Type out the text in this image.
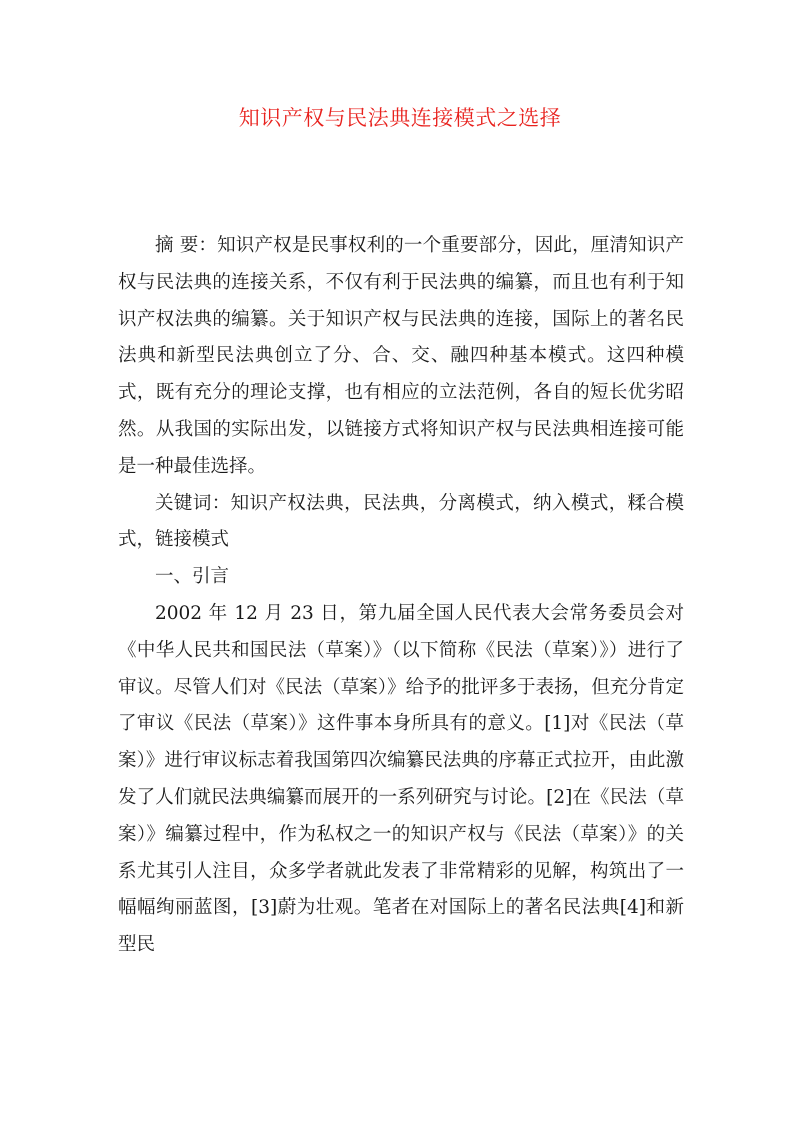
知识产权与民法典连接模式之选择

摘 要：知识产权是民事权利的一个重要部分，因此，厘清知识产权与民法典的连接关系，不仅有利于民法典的编纂，而且也有利于知识产权法典的编纂。关于知识产权与民法典的连接，国际上的著名民法典和新型民法典创立了分、合、交、融四种基本模式。这四种模式，既有充分的理论支撑，也有相应的立法范例，各自的短长优劣昭然。从我国的实际出发，以链接方式将知识产权与民法典相连接可能是一种最佳选择。

关键词：知识产权法典，民法典，分离模式，纳入模式，糅合模式，链接模式

一、引言

2002 年 12 月 23 日，第九届全国人民代表大会常务委员会对《中华人民共和国民法（草案）》（以下简称《民法（草案）》）进行了审议。尽管人们对《民法（草案）》给予的批评多于表扬，但充分肯定了审议《民法（草案）》这件事本身所具有的意义。[1]对《民法（草案）》进行审议标志着我国第四次编纂民法典的序幕正式拉开，由此激发了人们就民法典编纂而展开的一系列研究与讨论。[2]在《民法（草案）》编纂过程中，作为私权之一的知识产权与《民法（草案）》的关系尤其引人注目，众多学者就此发表了非常精彩的见解，构筑出了一幅幅绚丽蓝图，[3]蔚为壮观。笔者在对国际上的著名民法典[4]和新型民
